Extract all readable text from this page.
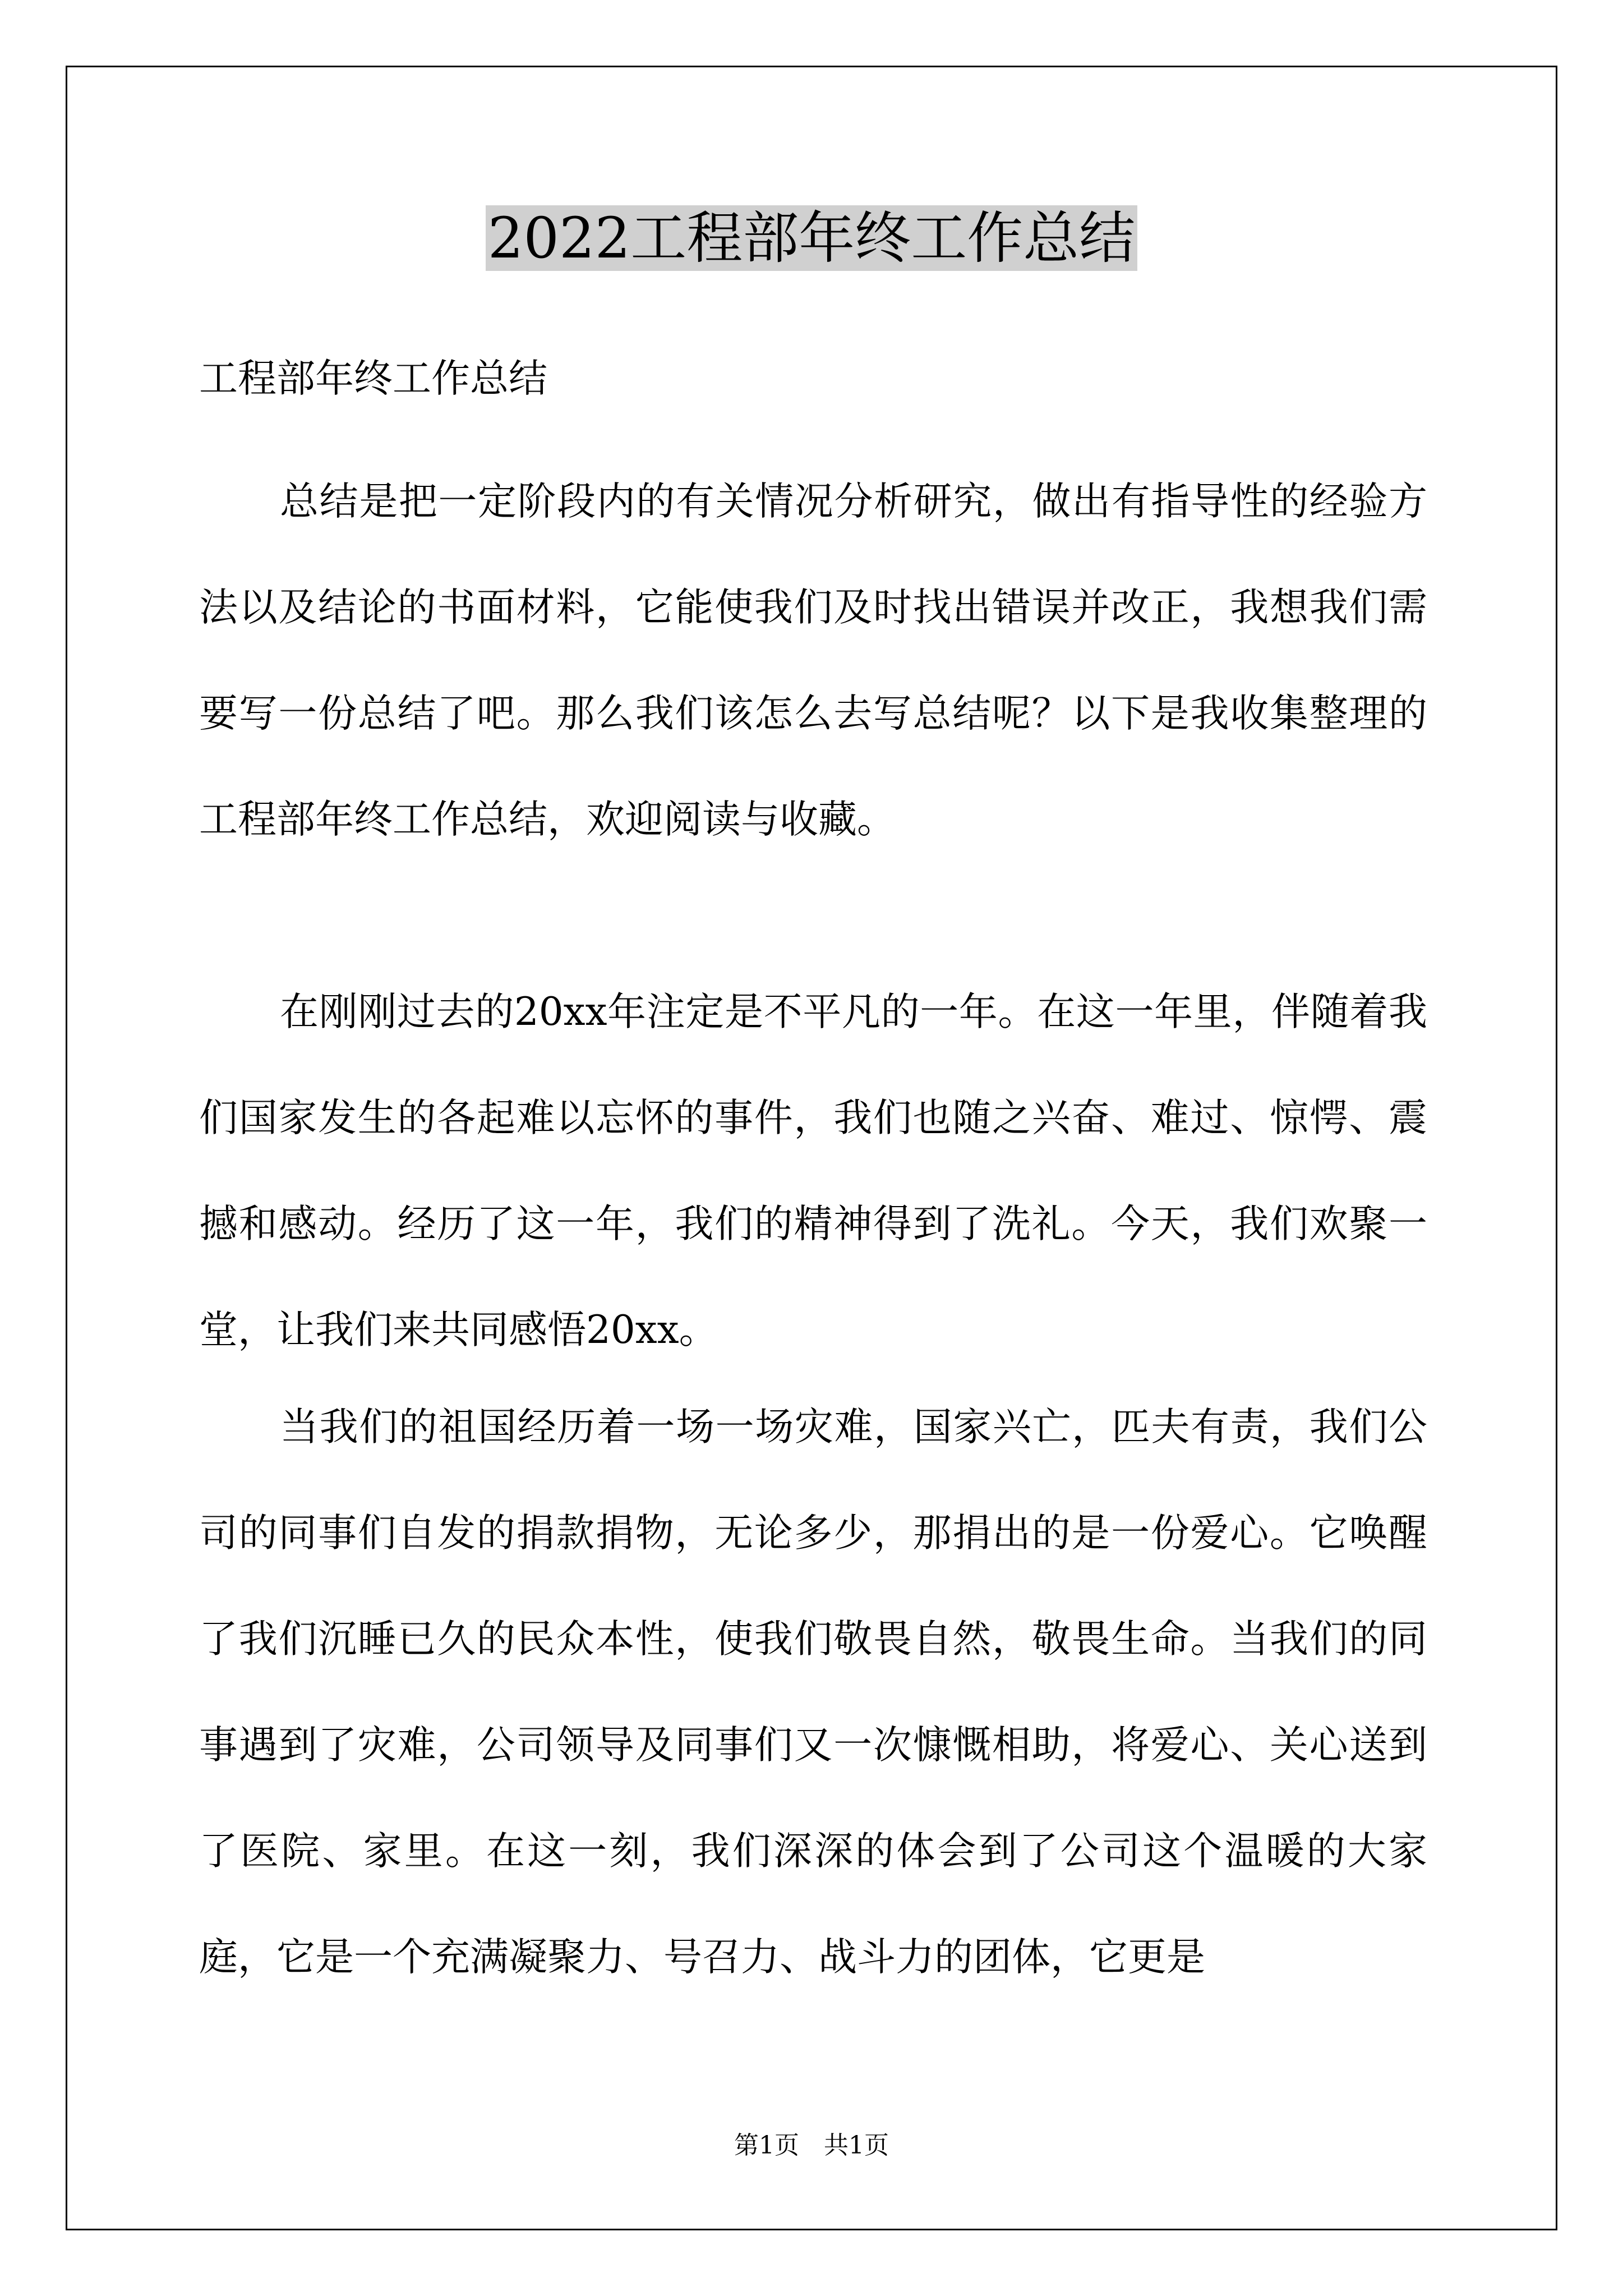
2022工程部年终工作总结

工程部年终工作总结

总结是把一定阶段内的有关情况分析研究，做出有指导性的经验方法以及结论的书面材料，它能使我们及时找出错误并改正，我想我们需要写一份总结了吧。那么我们该怎么去写总结呢？以下是我收集整理的工程部年终工作总结，欢迎阅读与收藏。

在刚刚过去的20xx年注定是不平凡的一年。在这一年里，伴随着我们国家发生的各起难以忘怀的事件，我们也随之兴奋、难过、惊愕、震撼和感动。经历了这一年，我们的精神得到了洗礼。今天，我们欢聚一堂，让我们来共同感悟20xx。

当我们的祖国经历着一场一场灾难，国家兴亡，匹夫有责，我们公司的同事们自发的捐款捐物，无论多少，那捐出的是一份爱心。它唤醒了我们沉睡已久的民众本性，使我们敬畏自然，敬畏生命。当我们的同事遇到了灾难，公司领导及同事们又一次慷慨相助，将爱心、关心送到了医院、家里。在这一刻，我们深深的体会到了公司这个温暖的大家庭，它是一个充满凝聚力、号召力、战斗力的团体，它更是

第1页　共1页
